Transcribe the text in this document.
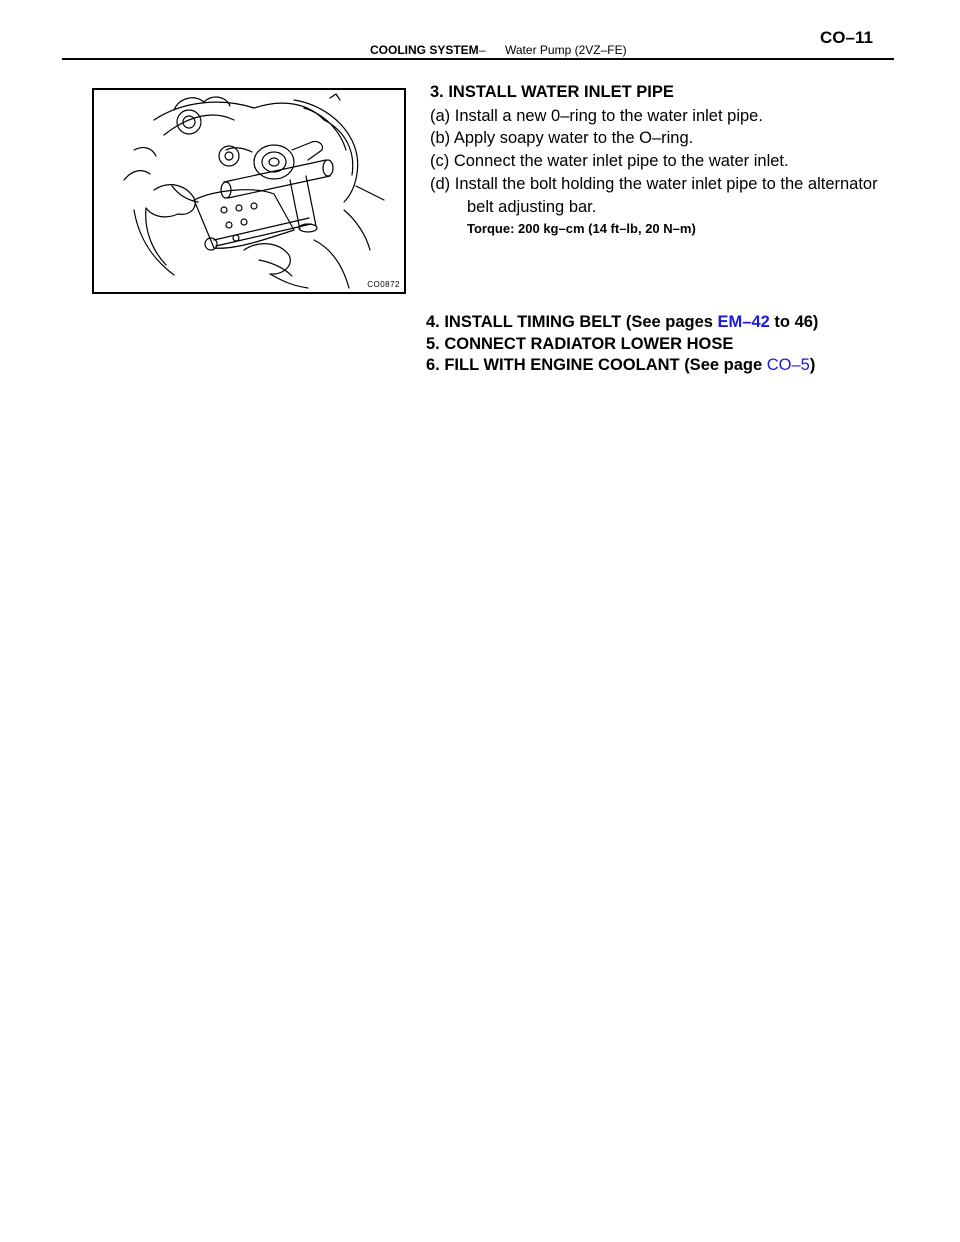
COOLING SYSTEM – Water Pump (2VZ–FE)
CO–11
CO0872
3. INSTALL WATER INLET PIPE
(a) Install a new 0–ring to the water inlet pipe.
(b) Apply soapy water to the O–ring.
(c) Connect the water inlet pipe to the water inlet.
(d) Install the bolt holding the water inlet pipe to the alternator
belt adjusting bar.
Torque: 200 kg–cm (14 ft–lb, 20 N–m)
4. INSTALL TIMING BELT (See pages EM–42 to 46)
5. CONNECT RADIATOR LOWER HOSE
6. FILL WITH ENGINE COOLANT (See page CO–5)
